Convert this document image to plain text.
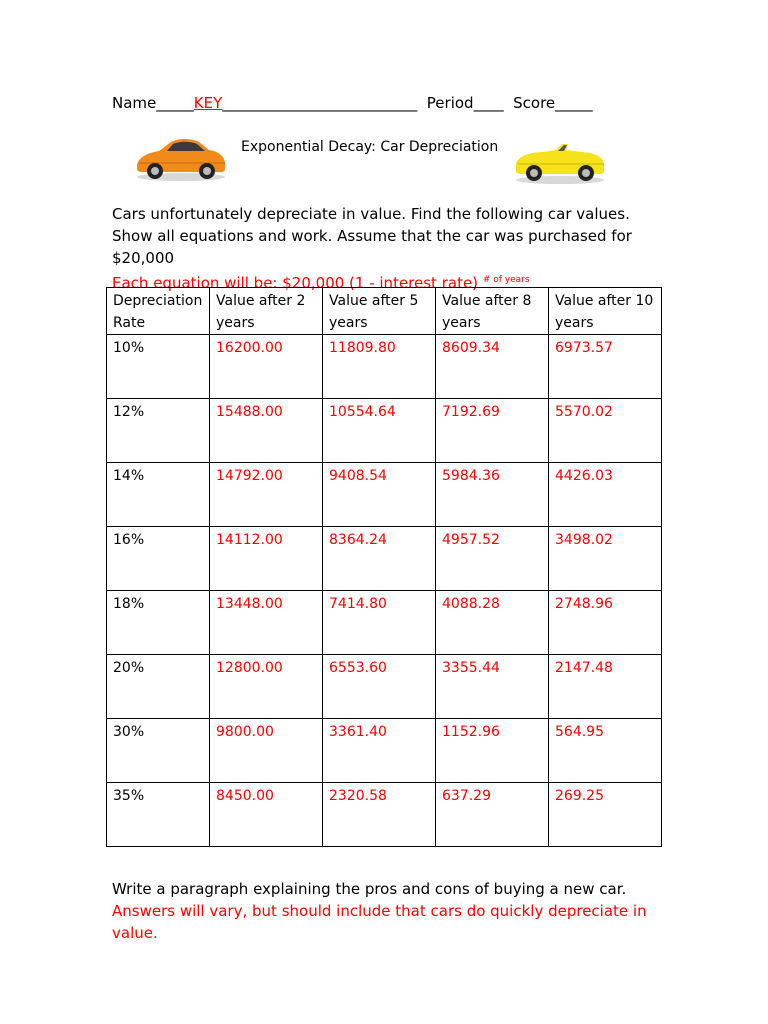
Name_____KEY__________________________ Period____ Score_____
Exponential Decay: Car Depreciation
Cars unfortunately depreciate in value. Find the following car values. Show all equations and work. Assume that the car was purchased for $20,000
Each equation will be: $20,000 (1 - interest rate) $^{\# of years}$
Depreciation Rate	Value after 2 years	Value after 5 years	Value after 8 years	Value after 10 years
10%	16200.00	11809.80	8609.34	6973.57
12%	15488.00	10554.64	7192.69	5570.02
14%	14792.00	9408.54	5984.36	4426.03
16%	14112.00	8364.24	4957.52	3498.02
18%	13448.00	7414.80	4088.28	2748.96
20%	12800.00	6553.60	3355.44	2147.48
30%	9800.00	3361.40	1152.96	564.95
35%	8450.00	2320.58	637.29	269.25
Write a paragraph explaining the pros and cons of buying a new car. Answers will vary, but should include that cars do quickly depreciate in value.
